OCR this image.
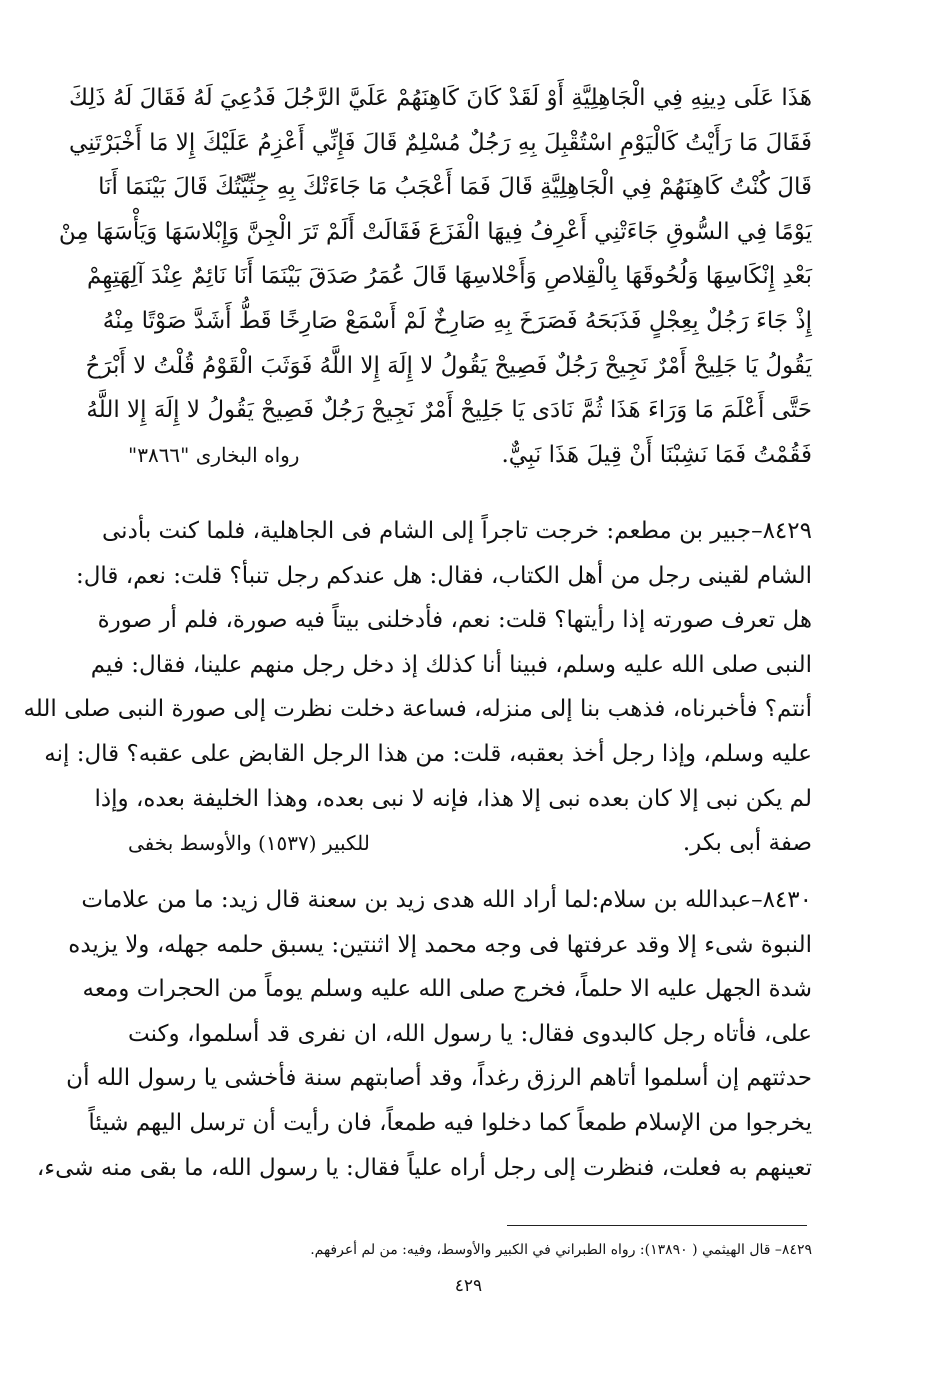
هَذَا عَلَى دِينِهِ فِي الْجَاهِلِيَّةِ أَوْ لَقَدْ كَانَ كَاهِنَهُمْ عَلَيَّ الرَّجُلَ فَدُعِيَ لَهُ فَقَالَ لَهُ ذَلِكَ
فَقَالَ مَا رَأَيْتُ كَالْيَوْمِ اسْتُقْبِلَ بِهِ رَجُلٌ مُسْلِمٌ قَالَ فَإِنِّي أَعْزِمُ عَلَيْكَ إِلا مَا أَخْبَرْتَنِي
قَالَ كُنْتُ كَاهِنَهُمْ فِي الْجَاهِلِيَّةِ قَالَ فَمَا أَعْجَبُ مَا جَاءَتْكَ بِهِ جِنِّيَّتُكَ قَالَ بَيْنَمَا أَنَا
يَوْمًا فِي السُّوقِ جَاءَتْنِي أَعْرِفُ فِيهَا الْفَزَعَ فَقَالَتْ أَلَمْ تَرَ الْجِنَّ وَإِبْلاسَهَا وَيَأْسَهَا مِنْ
بَعْدِ إِنْكَاسِهَا وَلُحُوقَهَا بِالْقِلاصِ وَأَحْلاسِهَا قَالَ عُمَرُ صَدَقَ بَيْنَمَا أَنَا نَائِمٌ عِنْدَ آلِهَتِهِمْ
إِذْ جَاءَ رَجُلٌ بِعِجْلٍ فَذَبَحَهُ فَصَرَخَ بِهِ صَارِخٌ لَمْ أَسْمَعْ صَارِخًا قَطُّ أَشَدَّ صَوْتًا مِنْهُ
يَقُولُ يَا جَلِيحْ أَمْرٌ نَجِيحْ رَجُلٌ فَصِيحْ يَقُولُ لا إِلَهَ إِلا اللَّهُ فَوَثَبَ الْقَوْمُ قُلْتُ لا أَبْرَحُ
حَتَّى أَعْلَمَ مَا وَرَاءَ هَذَا ثُمَّ نَادَى يَا جَلِيحْ أَمْرٌ نَجِيحْ رَجُلٌ فَصِيحْ يَقُولُ لا إِلَهَ إِلا اللَّهُ
فَقُمْتُ فَمَا نَشِبْنَا أَنْ قِيلَ هَذَا نَبِيٌّ.
رواه البخارى "٣٨٦٦"
٨٤٢٩–جبير بن مطعم: خرجت تاجراً إلى الشام فى الجاهلية، فلما كنت بأدنى
الشام لقينى رجل من أهل الكتاب، فقال: هل عندكم رجل تنبأ؟ قلت: نعم، قال:
هل تعرف صورته إذا رأيتها؟ قلت: نعم، فأدخلنى بيتاً فيه صورة، فلم أر صورة
النبى صلى الله عليه وسلم، فبينا أنا كذلك إذ دخل رجل منهم علينا، فقال: فيم
أنتم؟ فأخبرناه، فذهب بنا إلى منزله، فساعة دخلت نظرت إلى صورة النبى صلى الله
عليه وسلم، وإذا رجل أخذ بعقبه، قلت: من هذا الرجل القابض على عقبه؟ قال: إنه
لم يكن نبى إلا كان بعده نبى إلا هذا، فإنه لا نبى بعده، وهذا الخليفة بعده، وإذا
صفة أبى بكر.
للكبير (١٥٣٧) والأوسط بخفى
٨٤٣٠–عبدالله بن سلام:لما أراد الله هدى زيد بن سعنة قال زيد: ما من علامات
النبوة شىء إلا وقد عرفتها فى وجه محمد إلا اثنتين: يسبق حلمه جهله، ولا يزيده
شدة الجهل عليه الا حلماً، فخرج صلى الله عليه وسلم يوماً من الحجرات ومعه
على، فأتاه رجل كالبدوى فقال: يا رسول الله، ان نفرى قد أسلموا، وكنت
حدثتهم إن أسلموا أتاهم الرزق رغداً، وقد أصابتهم سنة فأخشى يا رسول الله أن
يخرجوا من الإسلام طمعاً كما دخلوا فيه طمعاً، فان رأيت أن ترسل اليهم شيئاً
تعينهم به فعلت، فنظرت إلى رجل أراه علياً فقال: يا رسول الله، ما بقى منه شىء،
٨٤٢٩– قال الهيثمي ( ١٣٨٩٠): رواه الطبراني في الكبير والأوسط، وفيه: من لم أعرفهم.
٤٢٩
